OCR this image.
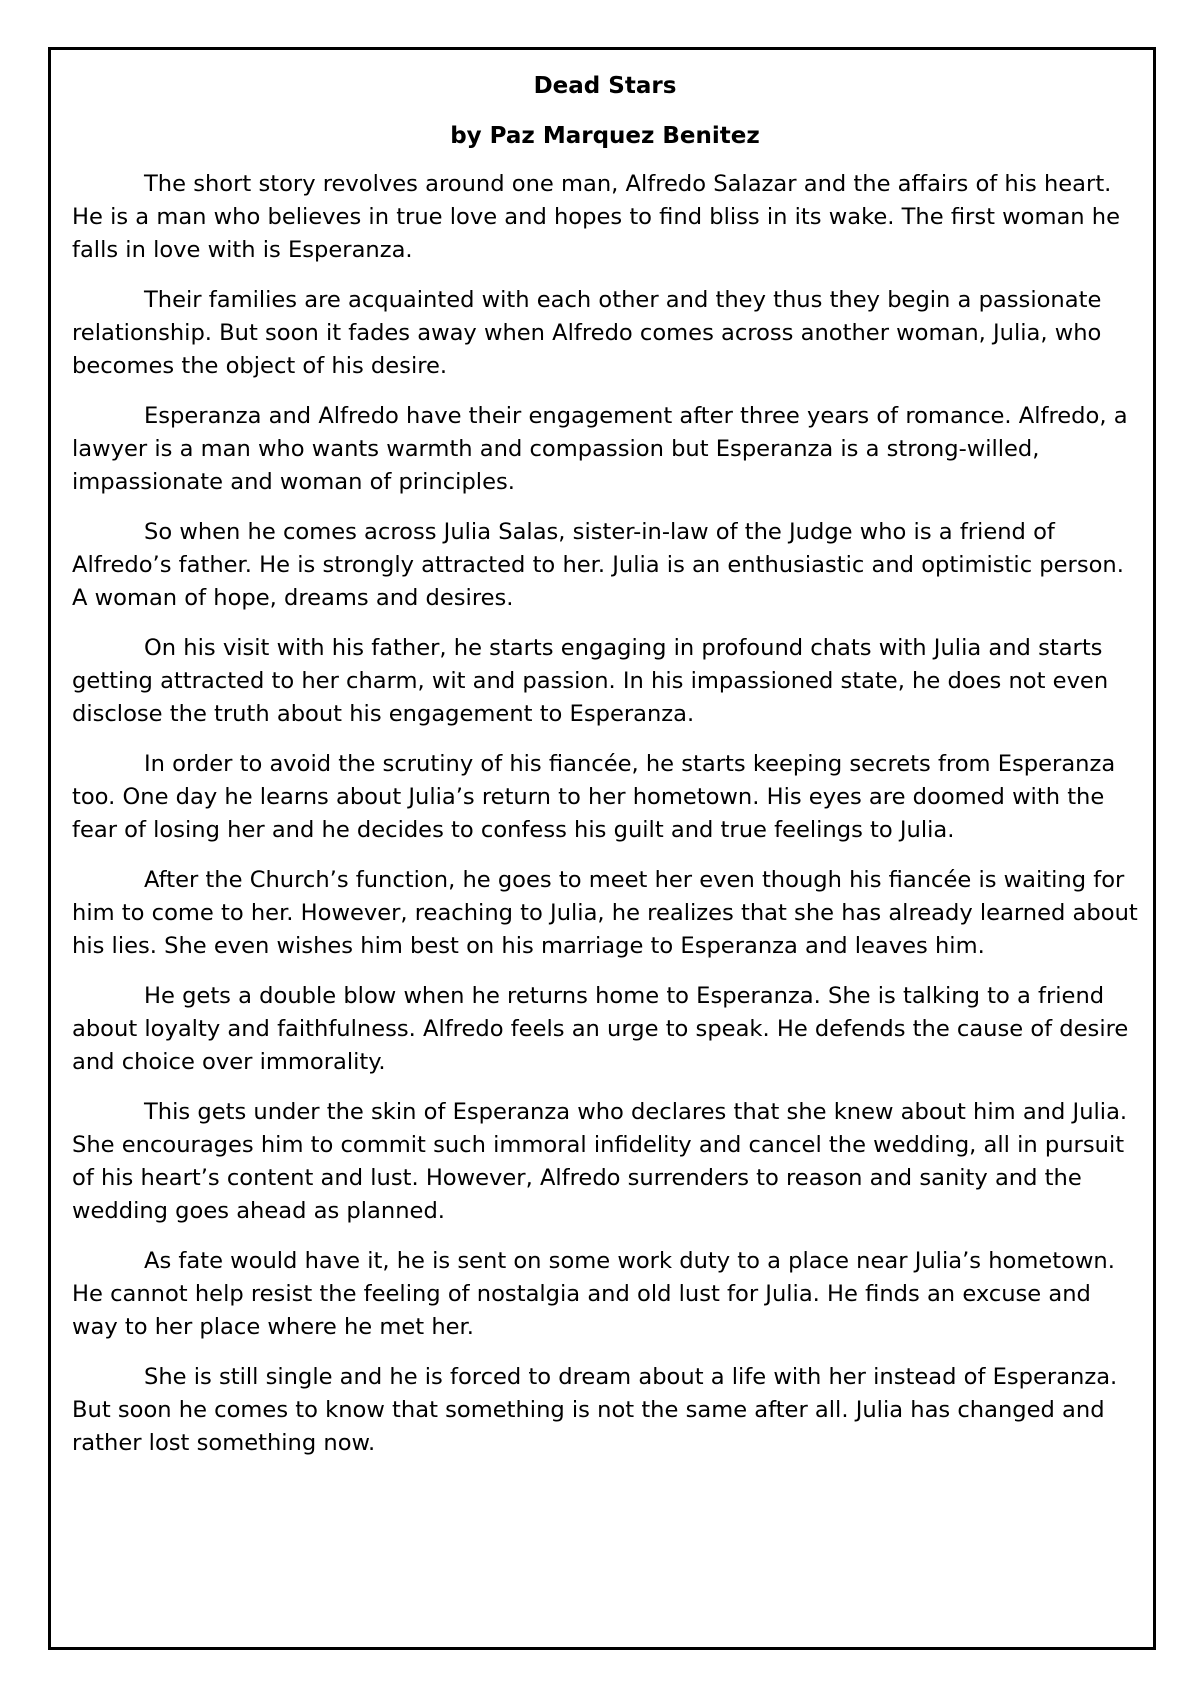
Dead Stars
by Paz Marquez Benitez

The short story revolves around one man, Alfredo Salazar and the affairs of his heart. He is a man who believes in true love and hopes to find bliss in its wake. The first woman he falls in love with is Esperanza.

Their families are acquainted with each other and they thus they begin a passionate relationship. But soon it fades away when Alfredo comes across another woman, Julia, who becomes the object of his desire.

Esperanza and Alfredo have their engagement after three years of romance. Alfredo, a lawyer is a man who wants warmth and compassion but Esperanza is a strong-willed, impassionate and woman of principles.

So when he comes across Julia Salas, sister-in-law of the Judge who is a friend of Alfredo’s father. He is strongly attracted to her. Julia is an enthusiastic and optimistic person. A woman of hope, dreams and desires.

On his visit with his father, he starts engaging in profound chats with Julia and starts getting attracted to her charm, wit and passion. In his impassioned state, he does not even disclose the truth about his engagement to Esperanza.

In order to avoid the scrutiny of his fiancée, he starts keeping secrets from Esperanza too. One day he learns about Julia’s return to her hometown. His eyes are doomed with the fear of losing her and he decides to confess his guilt and true feelings to Julia.

After the Church’s function, he goes to meet her even though his fiancée is waiting for him to come to her. However, reaching to Julia, he realizes that she has already learned about his lies. She even wishes him best on his marriage to Esperanza and leaves him.

He gets a double blow when he returns home to Esperanza. She is talking to a friend about loyalty and faithfulness. Alfredo feels an urge to speak. He defends the cause of desire and choice over immorality.

This gets under the skin of Esperanza who declares that she knew about him and Julia. She encourages him to commit such immoral infidelity and cancel the wedding, all in pursuit of his heart’s content and lust. However, Alfredo surrenders to reason and sanity and the wedding goes ahead as planned.

As fate would have it, he is sent on some work duty to a place near Julia’s hometown. He cannot help resist the feeling of nostalgia and old lust for Julia. He finds an excuse and way to her place where he met her.

She is still single and he is forced to dream about a life with her instead of Esperanza. But soon he comes to know that something is not the same after all. Julia has changed and rather lost something now.
